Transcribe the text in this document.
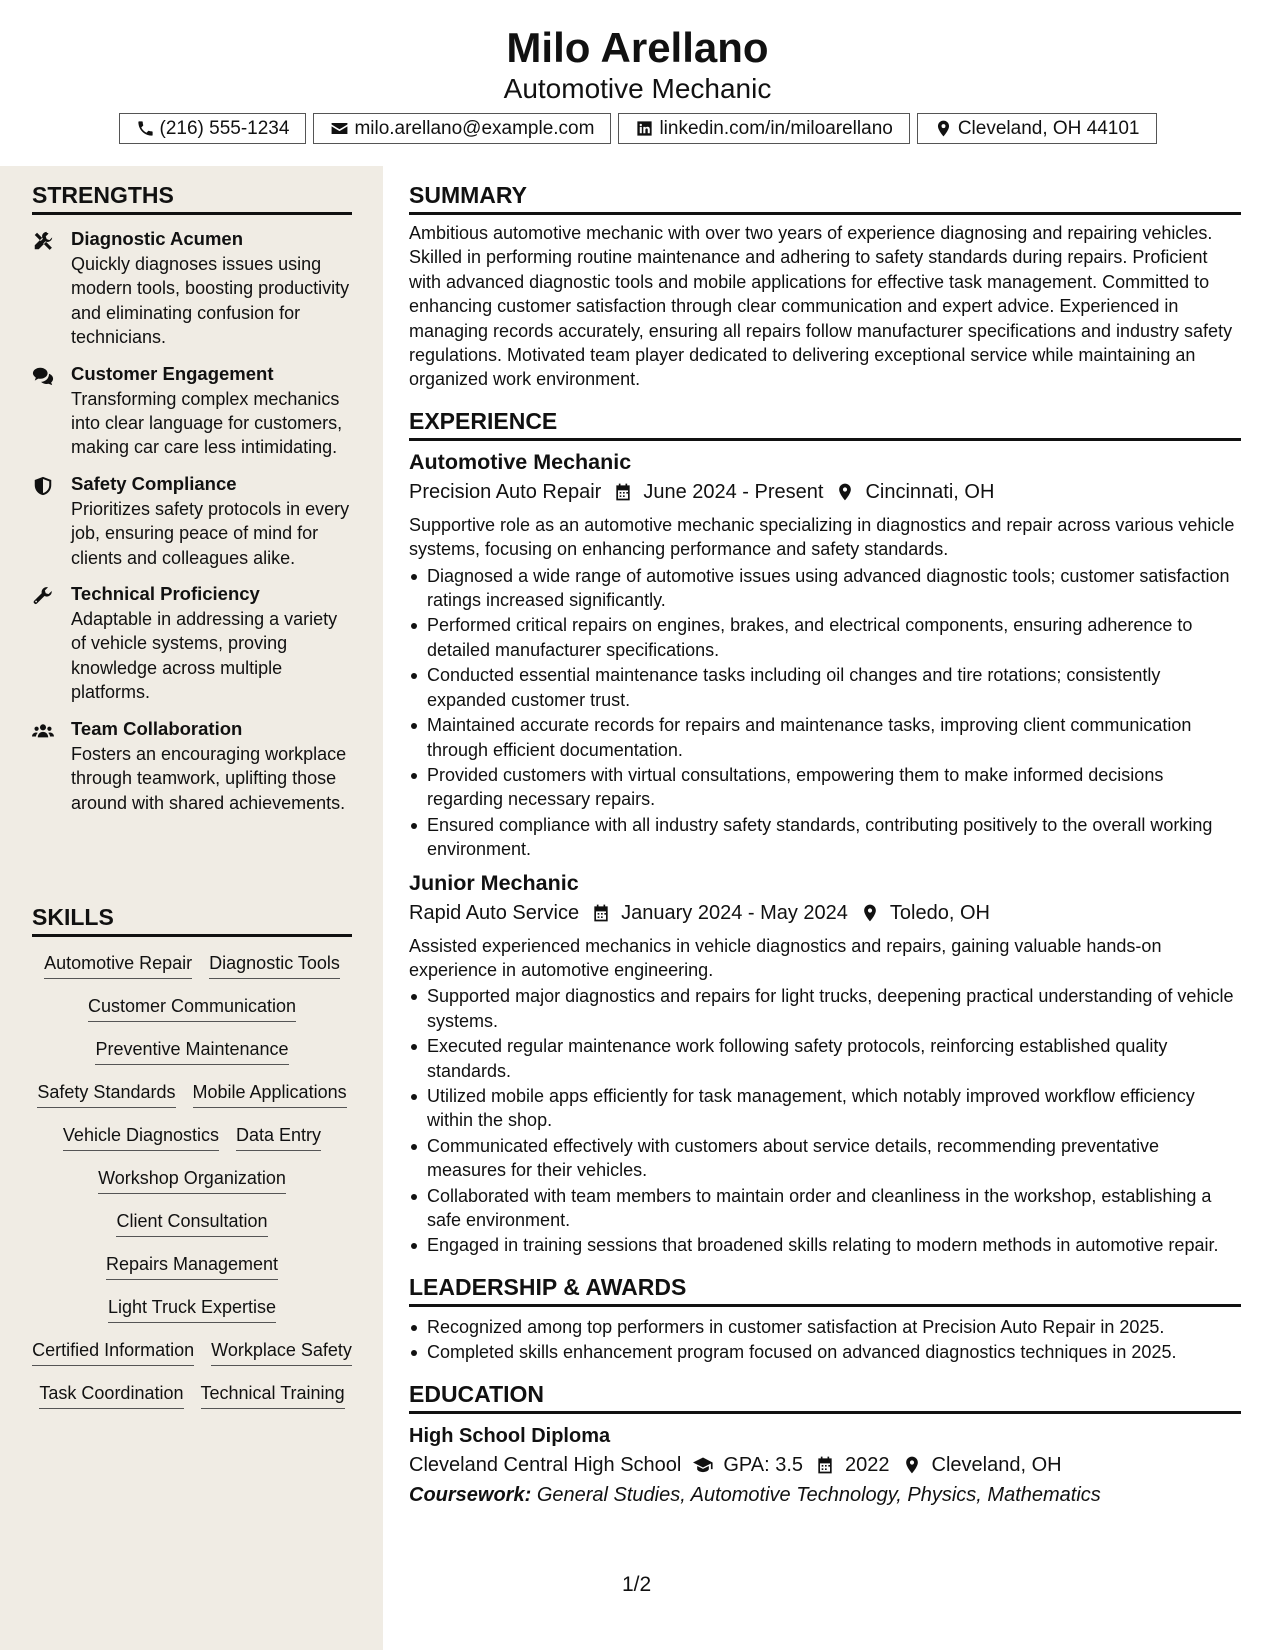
Milo Arellano
Automotive Mechanic
(216) 555-1234	milo.arellano@example.com	linkedin.com/in/miloarellano	Cleveland, OH 44101
STRENGTHS
Diagnostic Acumen
Quickly diagnoses issues using modern tools, boosting productivity and eliminating confusion for technicians.
Customer Engagement
Transforming complex mechanics into clear language for customers, making car care less intimidating.
Safety Compliance
Prioritizes safety protocols in every job, ensuring peace of mind for clients and colleagues alike.
Technical Proficiency
Adaptable in addressing a variety of vehicle systems, proving knowledge across multiple platforms.
Team Collaboration
Fosters an encouraging workplace through teamwork, uplifting those around with shared achievements.
SKILLS
Automotive Repair Diagnostic Tools
Customer Communication
Preventive Maintenance
Safety Standards Mobile Applications
Vehicle Diagnostics Data Entry
Workshop Organization
Client Consultation
Repairs Management
Light Truck Expertise
Certified Information Workplace Safety
Task Coordination Technical Training
SUMMARY
Ambitious automotive mechanic with over two years of experience diagnosing and repairing vehicles. Skilled in performing routine maintenance and adhering to safety standards during repairs. Proficient with advanced diagnostic tools and mobile applications for effective task management. Committed to enhancing customer satisfaction through clear communication and expert advice. Experienced in managing records accurately, ensuring all repairs follow manufacturer specifications and industry safety regulations. Motivated team player dedicated to delivering exceptional service while maintaining an organized work environment.
EXPERIENCE
Automotive Mechanic
Precision Auto Repair June 2024 - Present Cincinnati, OH
Supportive role as an automotive mechanic specializing in diagnostics and repair across various vehicle systems, focusing on enhancing performance and safety standards.
Diagnosed a wide range of automotive issues using advanced diagnostic tools; customer satisfaction ratings increased significantly.
Performed critical repairs on engines, brakes, and electrical components, ensuring adherence to detailed manufacturer specifications.
Conducted essential maintenance tasks including oil changes and tire rotations; consistently expanded customer trust.
Maintained accurate records for repairs and maintenance tasks, improving client communication through efficient documentation.
Provided customers with virtual consultations, empowering them to make informed decisions regarding necessary repairs.
Ensured compliance with all industry safety standards, contributing positively to the overall working environment.
Junior Mechanic
Rapid Auto Service January 2024 - May 2024 Toledo, OH
Assisted experienced mechanics in vehicle diagnostics and repairs, gaining valuable hands-on experience in automotive engineering.
Supported major diagnostics and repairs for light trucks, deepening practical understanding of vehicle systems.
Executed regular maintenance work following safety protocols, reinforcing established quality standards.
Utilized mobile apps efficiently for task management, which notably improved workflow efficiency within the shop.
Communicated effectively with customers about service details, recommending preventative measures for their vehicles.
Collaborated with team members to maintain order and cleanliness in the workshop, establishing a safe environment.
Engaged in training sessions that broadened skills relating to modern methods in automotive repair.
LEADERSHIP & AWARDS
Recognized among top performers in customer satisfaction at Precision Auto Repair in 2025.
Completed skills enhancement program focused on advanced diagnostics techniques in 2025.
EDUCATION
High School Diploma
Cleveland Central High School GPA: 3.5 2022 Cleveland, OH
Coursework: General Studies, Automotive Technology, Physics, Mathematics
1/2
